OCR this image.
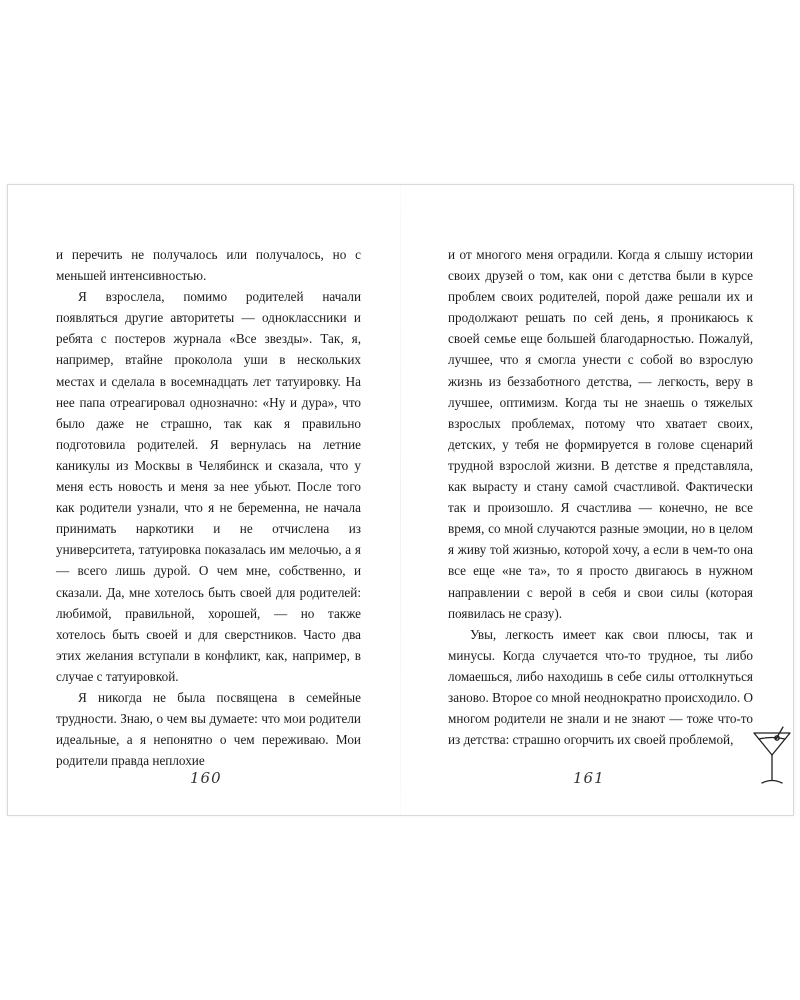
и перечить не получалось или получалось, но с меньшей интенсивностью.

Я взрослела, помимо родителей начали появляться другие авторитеты — одноклассники и ребята с постеров журнала «Все звезды». Так, я, например, втайне проколола уши в нескольких местах и сделала в восемнадцать лет татуировку. На нее папа отреагировал однозначно: «Ну и дура», что было даже не страшно, так как я правильно подготовила родителей. Я вернулась на летние каникулы из Москвы в Челябинск и сказала, что у меня есть новость и меня за нее убьют. После того как родители узнали, что я не беременна, не начала принимать наркотики и не отчислена из университета, татуировка показалась им мелочью, а я — всего лишь дурой. О чем мне, собственно, и сказали. Да, мне хотелось быть своей для родителей: любимой, правильной, хорошей, — но также хотелось быть своей и для сверстников. Часто два этих желания вступали в конфликт, как, например, в случае с татуировкой.

Я никогда не была посвящена в семейные трудности. Знаю, о чем вы думаете: что мои родители идеальные, а я непонятно о чем переживаю. Мои родители правда неплохие

160

и от многого меня оградили. Когда я слышу истории своих друзей о том, как они с детства были в курсе проблем своих родителей, порой даже решали их и продолжают решать по сей день, я проникаюсь к своей семье еще большей благодарностью. Пожалуй, лучшее, что я смогла унести с собой во взрослую жизнь из беззаботного детства, — легкость, веру в лучшее, оптимизм. Когда ты не знаешь о тяжелых взрослых проблемах, потому что хватает своих, детских, у тебя не формируется в голове сценарий трудной взрослой жизни. В детстве я представляла, как вырасту и стану самой счастливой. Фактически так и произошло. Я счастлива — конечно, не все время, со мной случаются разные эмоции, но в целом я живу той жизнью, которой хочу, а если в чем-то она все еще «не та», то я просто двигаюсь в нужном направлении с верой в себя и свои силы (которая появилась не сразу).

Увы, легкость имеет как свои плюсы, так и минусы. Когда случается что-то трудное, ты либо ломаешься, либо находишь в себе силы оттолкнуться заново. Второе со мной неоднократно происходило. О многом родители не знали и не знают — тоже что-то из детства: страшно огорчить их своей проблемой,

161
